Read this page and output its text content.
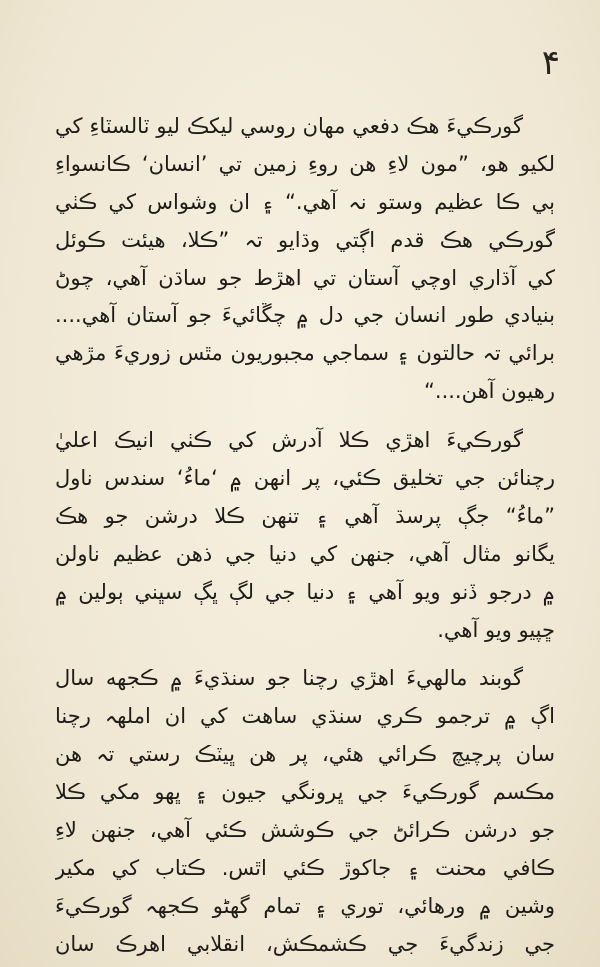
۴
گورڪيءَ هڪ دفعي مهان روسي ليکڪ ليو ٽالسٽاءِ کي
لکيو هو، ”مون لاءِ هن روءِ زمين تي ’انسان‘ ڪانسواءِ
ٻي ڪا عظيم وستو نہ آهي.“ ۽ ان وشواس کي ڪٺي
گورڪي هڪ قدم اڳتي وڌايو تہ ”ڪلا، هيئت ڪوئل
کي آڌاري اوچي آستان تي اهڙط جو ساڌن آهي، چوڻ
بنيادي طور انسان جي دل ۾ چڱائيءَ جو آستان آهي....
برائي تہ حالتون ۽ سماجي مجبوريون مٿس زوريءَ مڙهي
رهيون آهن....“
گورڪيءَ اهڙي ڪلا آدرش کي ڪٺي انيڪ اعليٰ
رچنائن جي تخليق ڪئي، پر انهن ۾ ‘ماءُ‘ سندس ناول
”ماءُ“ جڳ پرسڌ آهي ۽ تنهن ڪلا درشن جو هڪ
يگانو مثال آهي، جنهن کي دنيا جي ذهن عظيم ناولن
۾ درجو ڏنو ويو آهي ۽ دنيا جي لڳ ڀڳ سڀني ٻولين ۾
ڇپيو ويو آهي.
گوبند مالهيءَ اهڙي رچنا جو سنڌيءَ ۾ ڪجهه سال
اڳ ۾ ترجمو ڪري سنڌي ساهت کي ان املهہ رچنا
سان پرچيچ ڪرائي هئي، پر هن ڀيٽڪ رستي تہ هن
مڪسم گورڪيءَ جي ڀرونگي جيون ۽ ڀهو مکي ڪلا
جو درشن ڪرائڻ جي ڪوشش ڪئي آهي، جنهن لاءِ
ڪافي محنت ۽ جاکوڙ ڪئي اٿس. ڪتاب کي مکير
وشين ۾ ورهائي، توري ۽ تمام گهڻو ڪجهہ گورڪيءَ
جي زندگيءَ جي ڪشمڪش، انقلابي اهرڪ سان
